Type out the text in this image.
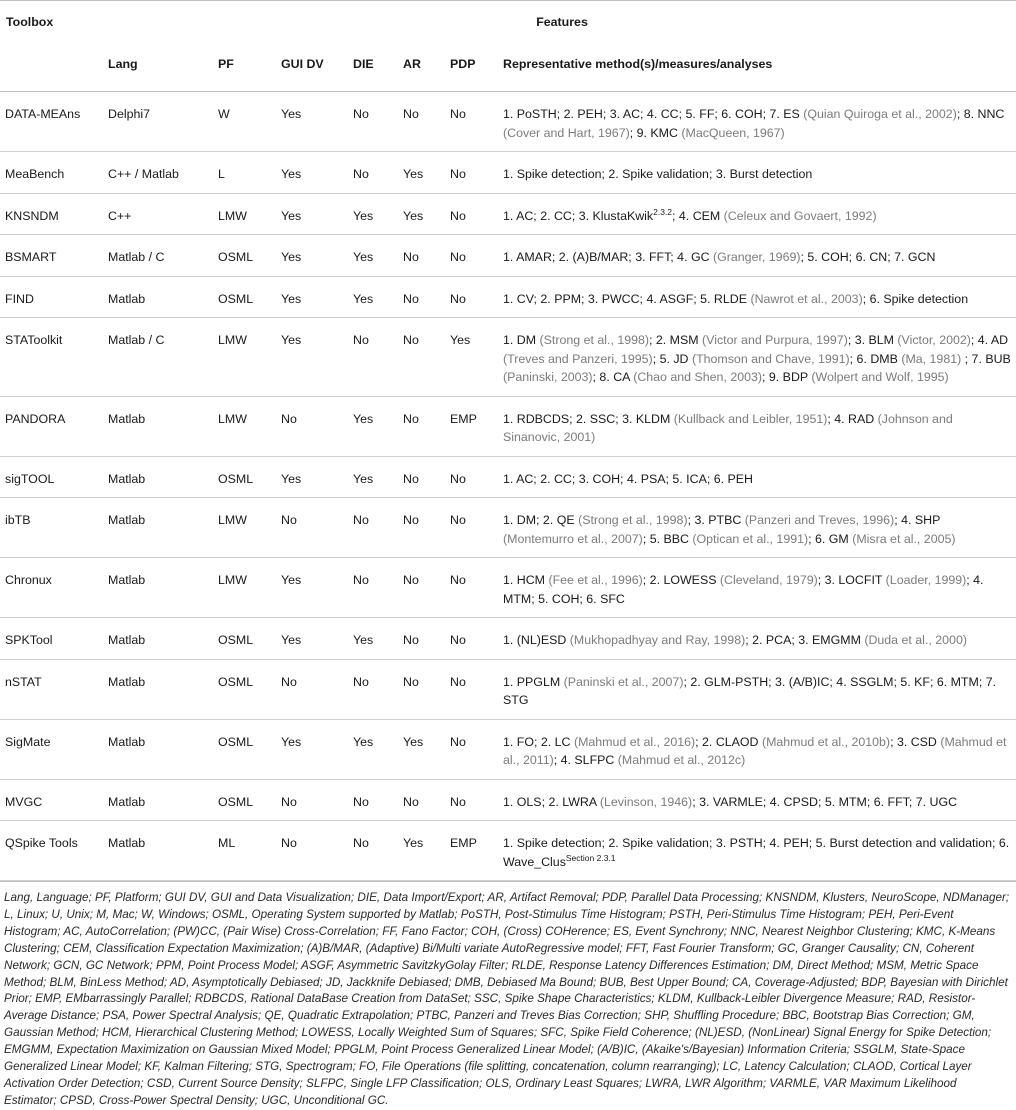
Toolbox	Features						
	Lang	PF	GUI DV	DIE	AR	PDP	Representative method(s)/measures/analyses
DATA-MEAns	Delphi7	W	Yes	No	No	No	1. PoSTH; 2. PEH; 3. AC; 4. CC; 5. FF; 6. COH; 7. ES (Quian Quiroga et al., 2002); 8. NNC (Cover and Hart, 1967); 9. KMC (MacQueen, 1967)
MeaBench	C++ / Matlab	L	Yes	No	Yes	No	1. Spike detection; 2. Spike validation; 3. Burst detection
KNSNDM	C++	LMW	Yes	Yes	Yes	No	1. AC; 2. CC; 3. KlustaKwik$^{2.3.2}$; 4. CEM (Celeux and Govaert, 1992)
BSMART	Matlab / C	OSML	Yes	Yes	No	No	1. AMAR; 2. (A)B/MAR; 3. FFT; 4. GC (Granger, 1969); 5. COH; 6. CN; 7. GCN
FIND	Matlab	OSML	Yes	Yes	No	No	1. CV; 2. PPM; 3. PWCC; 4. ASGF; 5. RLDE (Nawrot et al., 2003); 6. Spike detection
STAToolkit	Matlab / C	LMW	Yes	No	No	Yes	1. DM (Strong et al., 1998); 2. MSM (Victor and Purpura, 1997); 3. BLM (Victor, 2002); 4. AD (Treves and Panzeri, 1995); 5. JD (Thomson and Chave, 1991); 6. DMB (Ma, 1981) ; 7. BUB (Paninski, 2003); 8. CA (Chao and Shen, 2003); 9. BDP (Wolpert and Wolf, 1995)
PANDORA	Matlab	LMW	No	Yes	No	EMP	1. RDBCDS; 2. SSC; 3. KLDM (Kullback and Leibler, 1951); 4. RAD (Johnson and Sinanovic, 2001)
sigTOOL	Matlab	OSML	Yes	Yes	No	No	1. AC; 2. CC; 3. COH; 4. PSA; 5. ICA; 6. PEH
ibTB	Matlab	LMW	No	No	No	No	1. DM; 2. QE (Strong et al., 1998); 3. PTBC (Panzeri and Treves, 1996); 4. SHP (Montemurro et al., 2007); 5. BBC (Optican et al., 1991); 6. GM (Misra et al., 2005)
Chronux	Matlab	LMW	Yes	No	No	No	1. HCM (Fee et al., 1996); 2. LOWESS (Cleveland, 1979); 3. LOCFIT (Loader, 1999); 4. MTM; 5. COH; 6. SFC
SPKTool	Matlab	OSML	Yes	Yes	No	No	1. (NL)ESD (Mukhopadhyay and Ray, 1998); 2. PCA; 3. EMGMM (Duda et al., 2000)
nSTAT	Matlab	OSML	No	No	No	No	1. PPGLM (Paninski et al., 2007); 2. GLM-PSTH; 3. (A/B)IC; 4. SSGLM; 5. KF; 6. MTM; 7. STG
SigMate	Matlab	OSML	Yes	Yes	Yes	No	1. FO; 2. LC (Mahmud et al., 2016); 2. CLAOD (Mahmud et al., 2010b); 3. CSD (Mahmud et al., 2011); 4. SLFPC (Mahmud et al., 2012c)
MVGC	Matlab	OSML	No	No	No	No	1. OLS; 2. LWRA (Levinson, 1946); 3. VARMLE; 4. CPSD; 5. MTM; 6. FFT; 7. UGC
QSpike Tools	Matlab	ML	No	No	Yes	EMP	1. Spike detection; 2. Spike validation; 3. PSTH; 4. PEH; 5. Burst detection and validation; 6. Wave_Clus$^{Section 2.3.1}$
Lang, Language; PF, Platform; GUI DV, GUI and Data Visualization; DIE, Data Import/Export; AR, Artifact Removal; PDP, Parallel Data Processing; KNSNDM, Klusters, NeuroScope, NDManager; L, Linux; U, Unix; M, Mac; W, Windows; OSML, Operating System supported by Matlab; PoSTH, Post-Stimulus Time Histogram; PSTH, Peri-Stimulus Time Histogram; PEH, Peri-Event Histogram; AC, AutoCorrelation; (PW)CC, (Pair Wise) Cross-Correlation; FF, Fano Factor; COH, (Cross) COHerence; ES, Event Synchrony; NNC, Nearest Neighbor Clustering; KMC, K-Means Clustering; CEM, Classification Expectation Maximization; (A)B/MAR, (Adaptive) Bi/Multi variate AutoRegressive model; FFT, Fast Fourier Transform; GC, Granger Causality; CN, Coherent Network; GCN, GC Network; PPM, Point Process Model; ASGF, Asymmetric SavitzkyGolay Filter; RLDE, Response Latency Differences Estimation; DM, Direct Method; MSM, Metric Space Method; BLM, BinLess Method; AD, Asymptotically Debiased; JD, Jackknife Debiased; DMB, Debiased Ma Bound; BUB, Best Upper Bound; CA, Coverage-Adjusted; BDP, Bayesian with Dirichlet Prior; EMP, EMbarrassingly Parallel; RDBCDS, Rational DataBase Creation from DataSet; SSC, Spike Shape Characteristics; KLDM, Kullback-Leibler Divergence Measure; RAD, Resistor-Average Distance; PSA, Power Spectral Analysis; QE, Quadratic Extrapolation; PTBC, Panzeri and Treves Bias Correction; SHP, Shuffling Procedure; BBC, Bootstrap Bias Correction; GM, Gaussian Method; HCM, Hierarchical Clustering Method; LOWESS, Locally Weighted Sum of Squares; SFC, Spike Field Coherence; (NL)ESD, (NonLinear) Signal Energy for Spike Detection; EMGMM, Expectation Maximization on Gaussian Mixed Model; PPGLM, Point Process Generalized Linear Model; (A/B)IC, (Akaike's/Bayesian) Information Criteria; SSGLM, State-Space Generalized Linear Model; KF, Kalman Filtering; STG, Spectrogram; FO, File Operations (file splitting, concatenation, column rearranging); LC, Latency Calculation; CLAOD, Cortical Layer Activation Order Detection; CSD, Current Source Density; SLFPC, Single LFP Classification; OLS, Ordinary Least Squares; LWRA, LWR Algorithm; VARMLE, VAR Maximum Likelihood Estimator; CPSD, Cross-Power Spectral Density; UGC, Unconditional GC.
